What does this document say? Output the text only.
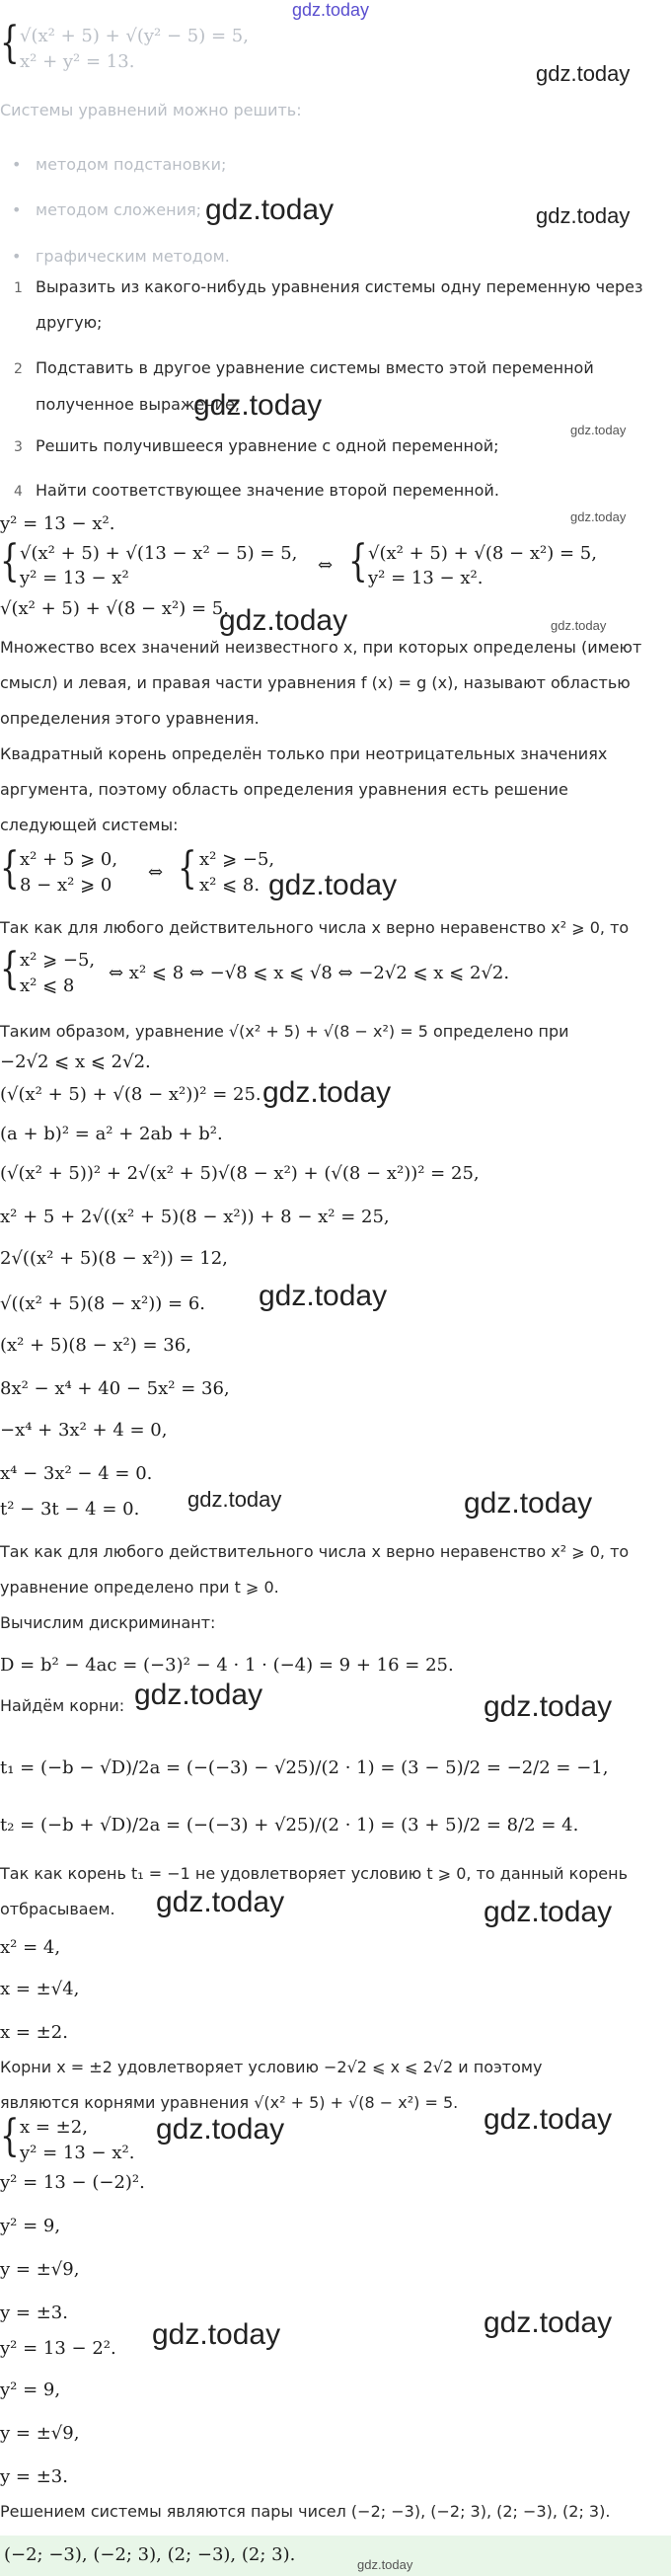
gdz.today
{ √(x² + 5) + √(y² − 5) = 5,
x² + y² = 13.	gdz.today
Системы уравнений можно решить:
• методом подстановки;
• методом сложения; gdz.today	gdz.today
• графическим методом.
1 Выразить из какого-нибудь уравнения системы одну переменную через
другую;
2 Подставить в другое уравнение системы вместо этой переменной
полученное выражение;
gdz.today
gdz.today
3 Решить получившееся уравнение с одной переменной;
4 Найти соответствующее значение второй переменной.
gdz.today
y² = 13 − x².
{ √(x² + 5) + √(13 − x² − 5) = 5,
y² = 13 − x²
⇔ { √(x² + 5) + √(8 − x²) = 5,
y² = 13 − x².
√(x² + 5) + √(8 − x²) = 5.
gdz.today	gdz.today
Множество всех значений неизвестного x, при которых определены (имеют
смысл) и левая, и правая части уравнения f (x) = g (x), называют областью
определения этого уравнения.
Квадратный корень определён только при неотрицательных значениях
аргумента, поэтому область определения уравнения есть решение
следующей системы:
{ x² + 5 ⩾ 0,
8 − x² ⩾ 0
⇔ { x² ⩾ −5,
x² ⩽ 8. gdz.today
Так как для любого действительного числа x верно неравенство x² ⩾ 0, то
{ x² ⩾ −5,
x² ⩽ 8
⇔ x² ⩽ 8 ⇔ −√8 ⩽ x ⩽ √8 ⇔ −2√2 ⩽ x ⩽ 2√2.
Таким образом, уравнение √(x² + 5) + √(8 − x²) = 5 определено при
−2√2 ⩽ x ⩽ 2√2.
(√(x² + 5) + √(8 − x²))² = 25. gdz.today
(a + b)² = a² + 2ab + b².
(√(x² + 5))² + 2√(x² + 5)√(8 − x²) + (√(8 − x²))² = 25,
x² + 5 + 2√((x² + 5)(8 − x²)) + 8 − x² = 25,
2√((x² + 5)(8 − x²)) = 12,
√((x² + 5)(8 − x²)) = 6. gdz.today
(x² + 5)(8 − x²) = 36,
8x² − x⁴ + 40 − 5x² = 36,
−x⁴ + 3x² + 4 = 0,
x⁴ − 3x² − 4 = 0.
t² − 3t − 4 = 0. gdz.today	gdz.today
Так как для любого действительного числа x верно неравенство x² ⩾ 0, то
уравнение определено при t ⩾ 0.
Вычислим дискриминант:
D = b² − 4ac = (−3)² − 4 · 1 · (−4) = 9 + 16 = 25.
Найдём корни: gdz.today	gdz.today
t₁ = (−b − √D)/2a = (−(−3) − √25)/(2 · 1) = (3 − 5)/2 = −2/2 = −1,
t₂ = (−b + √D)/2a = (−(−3) + √25)/(2 · 1) = (3 + 5)/2 = 8/2 = 4.
Так как корень t₁ = −1 не удовлетворяет условию t ⩾ 0, то данный корень
отбрасываем. gdz.today	gdz.today
x² = 4,
x = ±√4,
x = ±2.
Корни x = ±2 удовлетворяет условию −2√2 ⩽ x ⩽ 2√2 и поэтому
являются корнями уравнения √(x² + 5) + √(8 − x²) = 5.
{ x = ±2,
y² = 13 − x².
gdz.today	gdz.today
y² = 13 − (−2)².
y² = 9,
y = ±√9,
y = ±3.
gdz.today	gdz.today
y² = 13 − 2².
y² = 9,
y = ±√9,
y = ±3.
Решением системы являются пары чисел (−2; −3), (−2; 3), (2; −3), (2; 3).
(−2; −3), (−2; 3), (2; −3), (2; 3).	gdz.today
